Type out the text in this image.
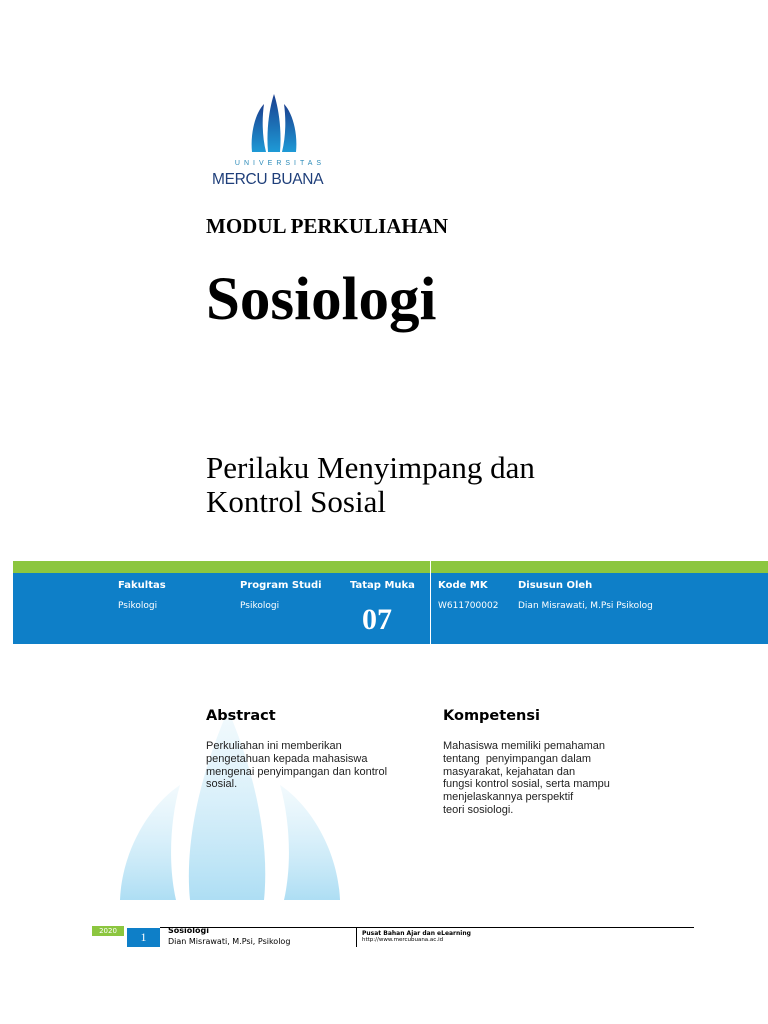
UNIVERSITAS
MERCU BUANA
MODUL PERKULIAHAN
Sosiologi
Perilaku Menyimpang dan
Kontrol Sosial
Fakultas
Psikologi
Program Studi
Psikologi
Tatap Muka
07
Kode MK
W611700002
Disusun Oleh
Dian Misrawati, M.Psi Psikolog
Abstract
Perkuliahan ini memberikan
pengetahuan kepada mahasiswa
mengenai penyimpangan dan kontrol
sosial.
Kompetensi
Mahasiswa memiliki pemahaman
tentang  penyimpangan dalam
masyarakat, kejahatan dan
fungsi kontrol sosial, serta mampu
menjelaskannya perspektif
teori sosiologi.
2020	1	Sosiologi
Dian Misrawati, M.Psi, Psikolog
Pusat Bahan Ajar dan eLearning
http://www.mercubuana.ac.id
